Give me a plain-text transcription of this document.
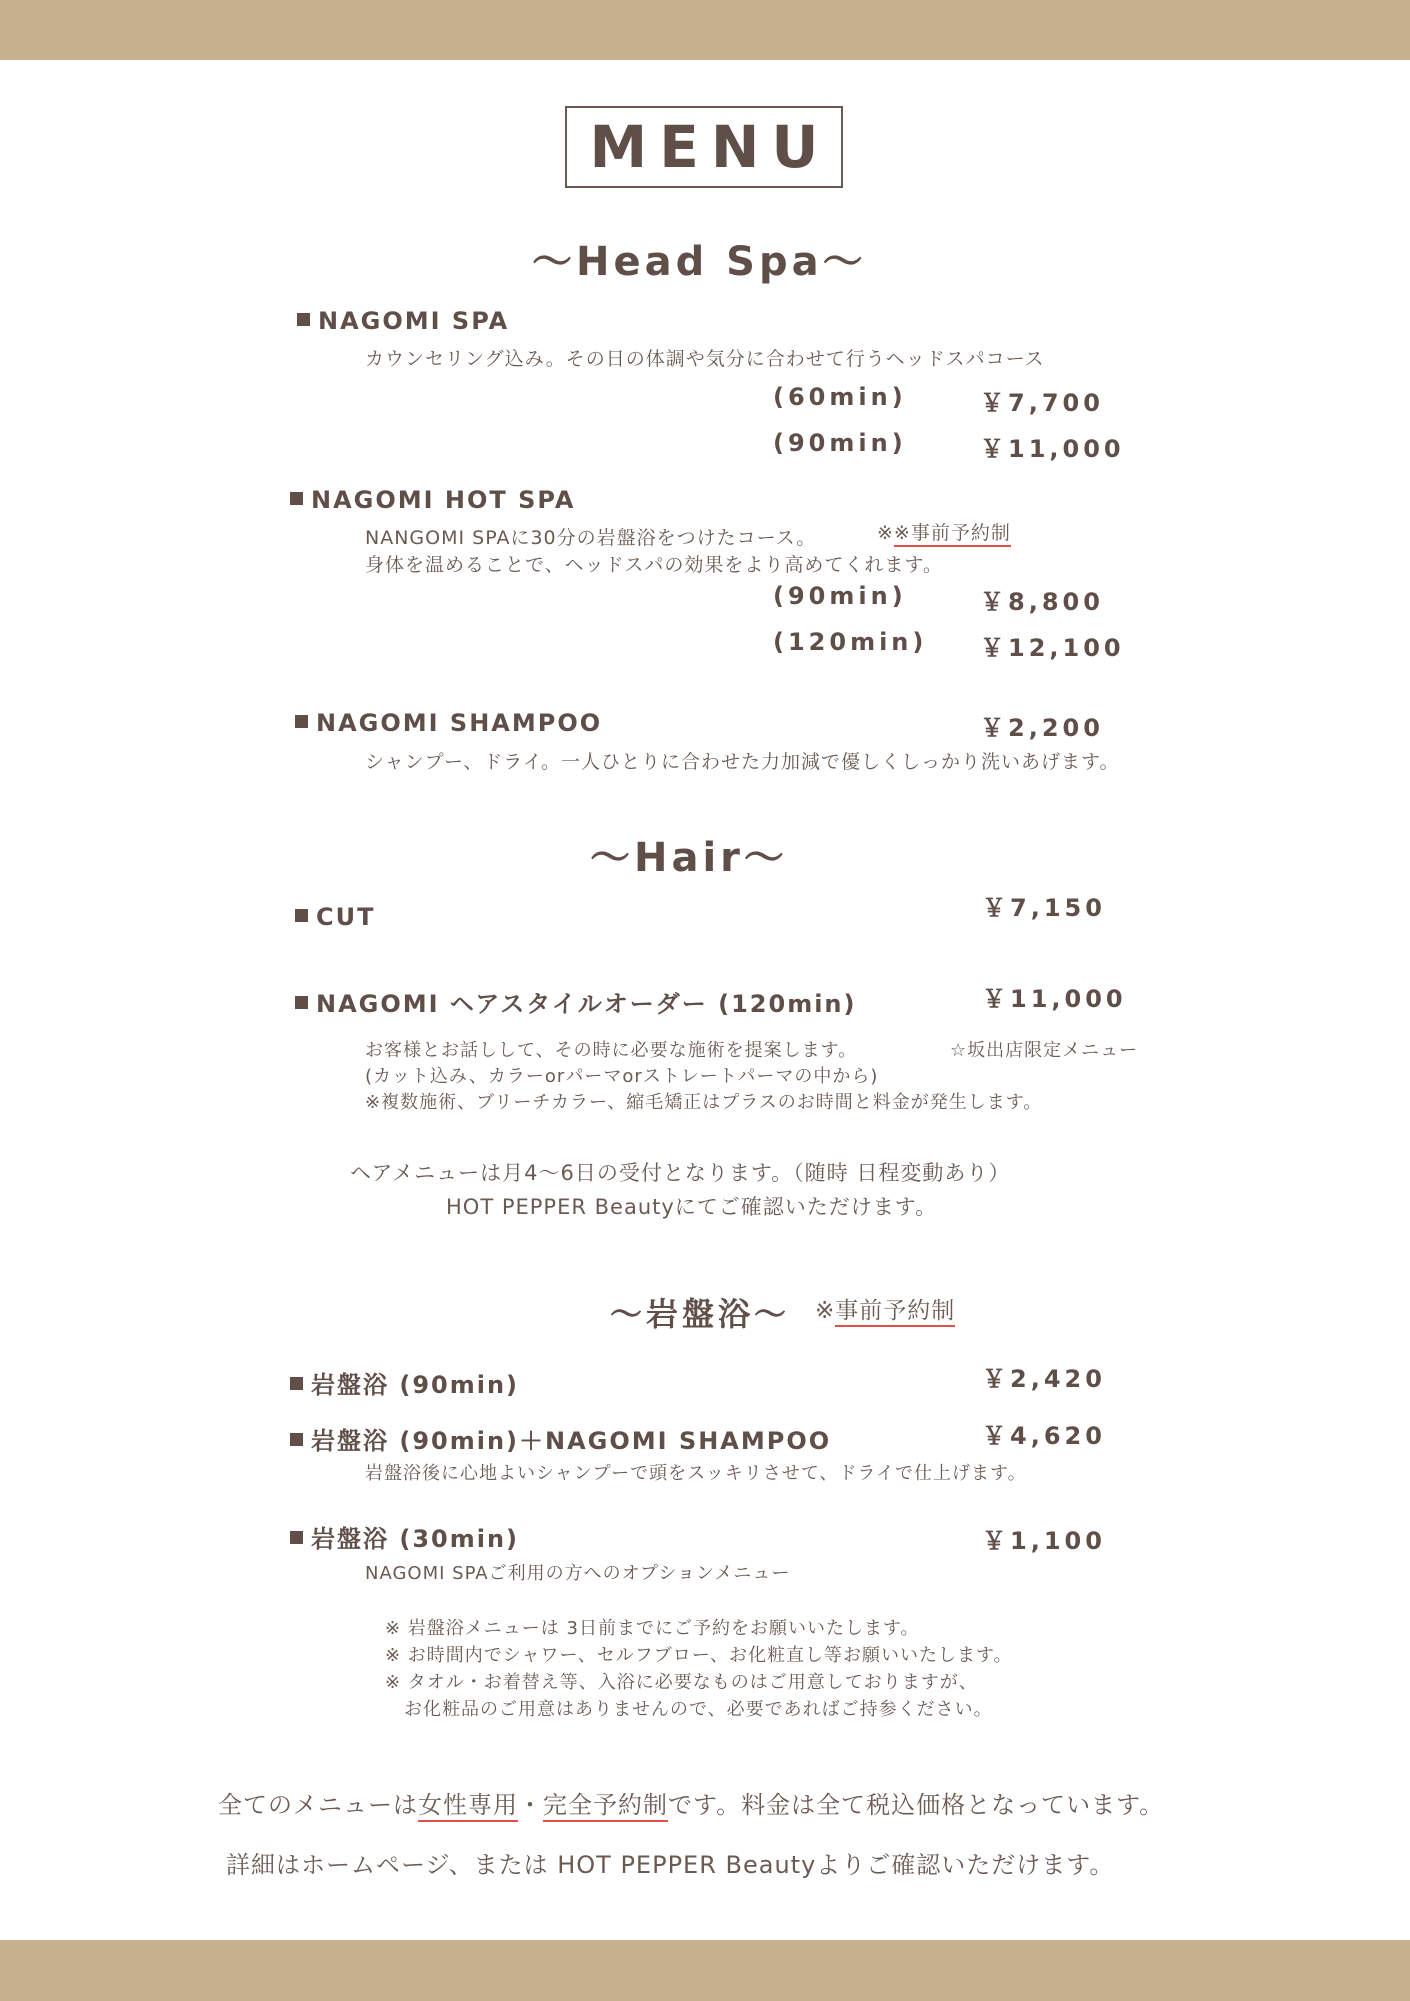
MENU
〜Head Spa〜
NAGOMI SPA
カウンセリング込み。その日の体調や気分に合わせて行うヘッドスパコース
(60min)	￥7,700
(90min)	￥11,000
NAGOMI HOT SPA
NANGOMI SPAに30分の岩盤浴をつけたコース。	※※事前予約制
身体を温めることで、ヘッドスパの効果をより高めてくれます。
(90min)	￥8,800
(120min) ￥12,100
NAGOMI SHAMPOO	￥2,200
シャンプー、ドライ。一人ひとりに合わせた力加減で優しくしっかり洗いあげます。
〜Hair〜
CUT	￥7,150
NAGOMI ヘアスタイルオーダー (120min)	￥11,000
お客様とお話しして、その時に必要な施術を提案します。	☆坂出店限定メニュー
(カット込み、カラーorパーマorストレートパーマの中から)
※複数施術、ブリーチカラー、縮毛矯正はプラスのお時間と料金が発生します。
ヘアメニューは月4〜6日の受付となります。（随時 日程変動あり）
HOT PEPPER Beautyにてご確認いただけます。
〜岩盤浴〜 ※事前予約制
岩盤浴 (90min)	￥2,420
岩盤浴 (90min)＋NAGOMI SHAMPOO	￥4,620
岩盤浴後に心地よいシャンプーで頭をスッキリさせて、ドライで仕上げます。
岩盤浴 (30min)	￥1,100
NAGOMI SPAご利用の方へのオプションメニュー
※ 岩盤浴メニューは 3日前までにご予約をお願いいたします。
※ お時間内でシャワー、セルフブロー、お化粧直し等お願いいたします。
※ タオル・お着替え等、入浴に必要なものはご用意しておりますが、
　お化粧品のご用意はありませんので、必要であればご持参ください。
全てのメニューは女性専用・完全予約制です。料金は全て税込価格となっています。
詳細はホームページ、または HOT PEPPER Beautyよりご確認いただけます。
